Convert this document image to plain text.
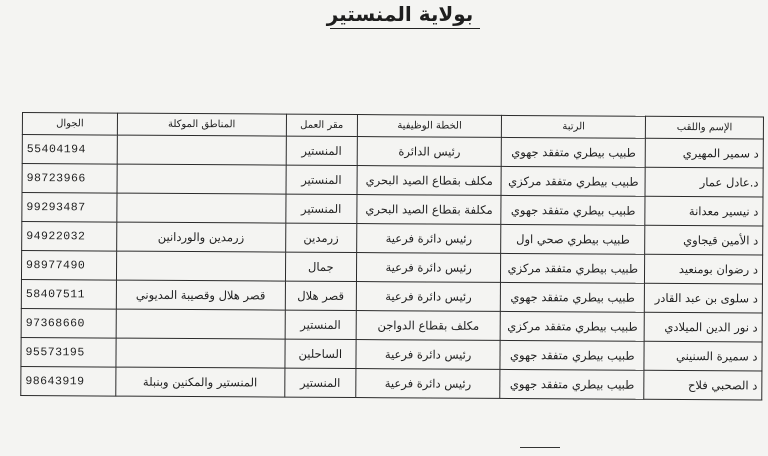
بولاية المنستير
الإسم واللقب	الرتبة	الخطة الوظيفية	مقر العمل	المناطق الموكلة	الجوال
د سمير المهيري	طبيب بيطري متفقد جهوي	رئيس الدائرة	المنستير		55404194
د.عادل عمار	طبيب بيطري متفقد مركزي	مكلف بقطاع الصيد البحري	المنستير		98723966
د نيسير معدانة	طبيب بيطري متفقد جهوي	مكلفة بقطاع الصيد البحري	المنستير		99293487
د الأمين قيجاوي	طبيب بيطري صحي اول	رئيس دائرة فرعية	زرمدين	زرمدين والوردانين	94922032
د رضوان بومنعيد	طبيب بيطري متفقد مركزي	رئيس دائرة فرعية	جمال		98977490
د سلوى بن عبد القادر	طبيب بيطري متفقد جهوي	رئيس دائرة فرعية	قصر هلال	قصر هلال وقصيبة المديوني	58407511
د نور الدين الميلادي	طبيب بيطري متفقد مركزي	مكلف بقطاع الدواجن	المنستير		97368660
د سميرة السنيني	طبيب بيطري متفقد جهوي	رئيس دائرة فرعية	الساحلين		95573195
د الصحبي فلاح	طبيب بيطري متفقد جهوي	رئيس دائرة فرعية	المنستير	المنستير والمكنين وبنبلة	98643919
